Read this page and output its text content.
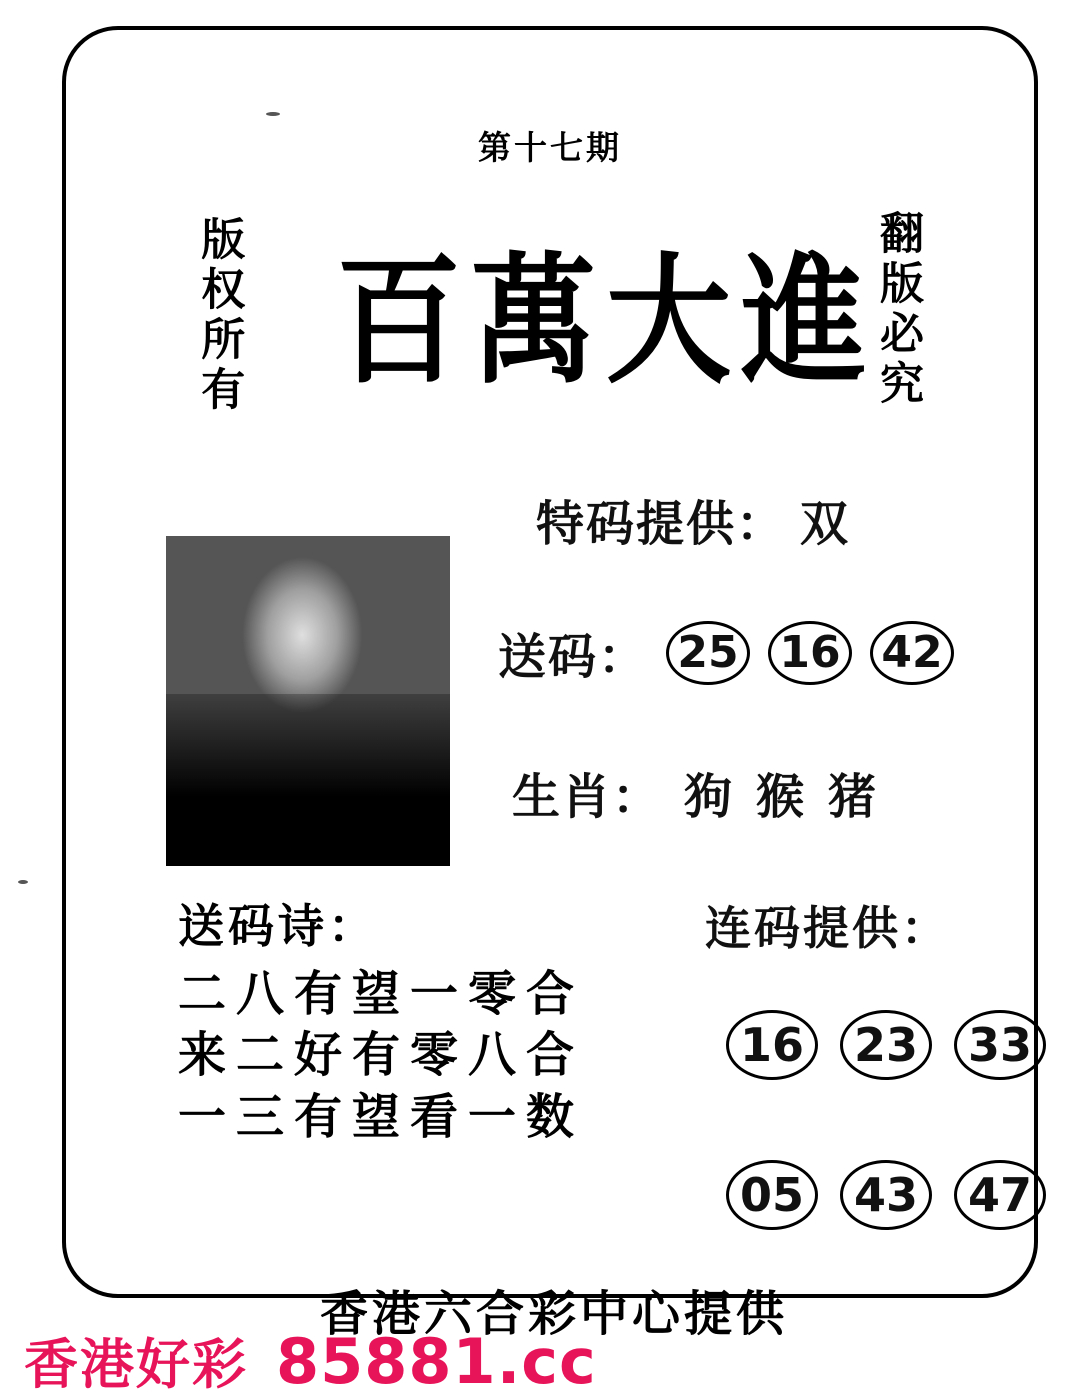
第十七期
版权所有	翻版必究
百萬大進
特码提供： 双
送码： 25 16 42
生肖： 狗 猴 猪
送码诗：
二八有望一零合
来二好有零八合
一三有望看一数
连码提供：
16	23	33
05	43	47
香港六合彩中心提供
香港好彩 85881.cc
